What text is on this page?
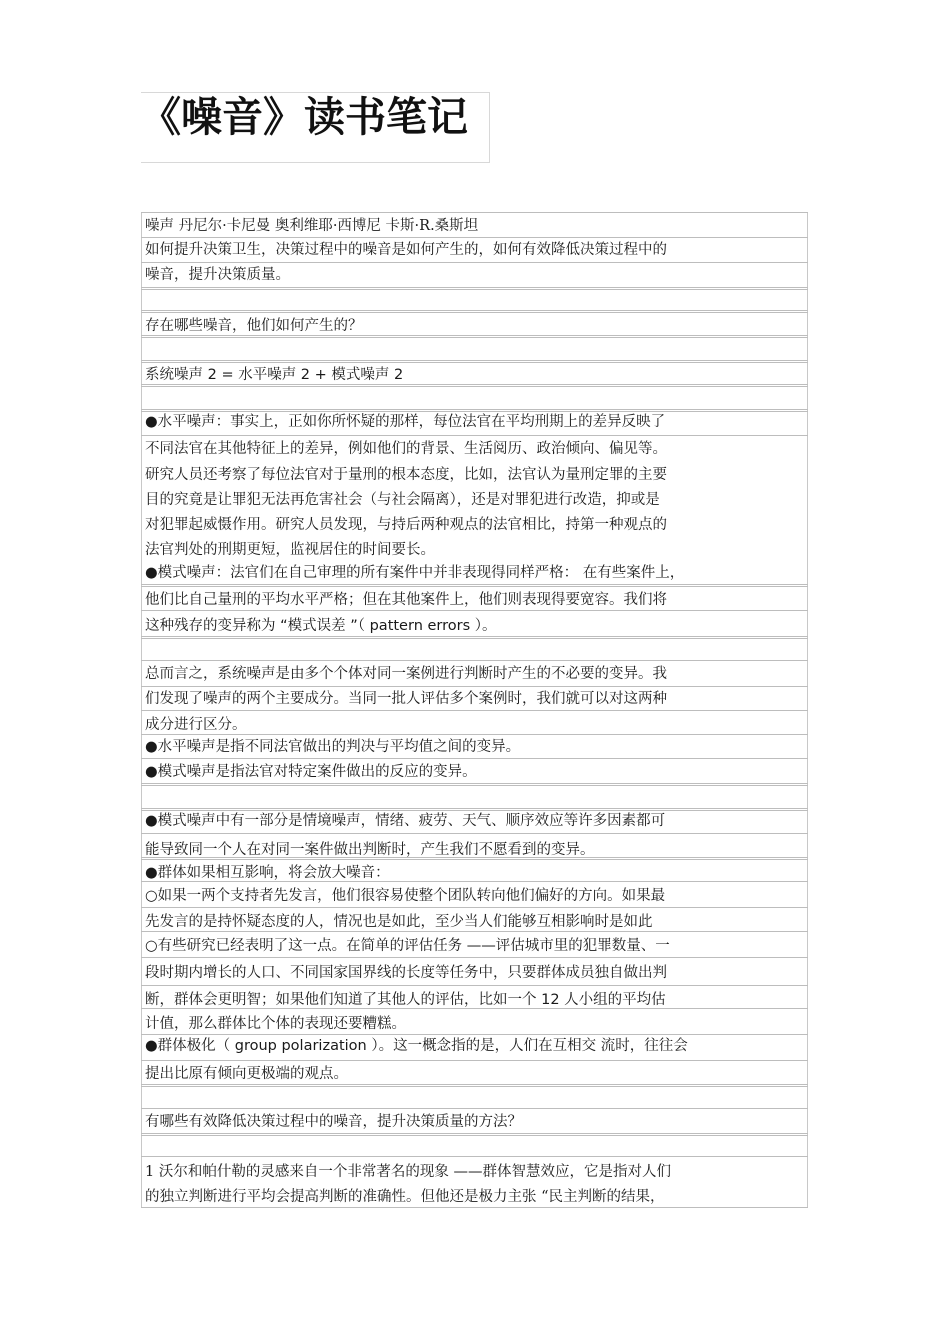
《噪音》读书笔记
噪声 丹尼尔·卡尼曼 奥利维耶·西博尼 卡斯·R.桑斯坦
如何提升决策卫生，决策过程中的噪音是如何产生的，如何有效降低决策过程中的
噪音，提升决策质量。
存在哪些噪音，他们如何产生的？
系统噪声 2 = 水平噪声 2 + 模式噪声 2
●水平噪声：事实上，正如你所怀疑的那样，每位法官在平均刑期上的差异反映了
不同法官在其他特征上的差异，例如他们的背景、生活阅历、政治倾向、偏见等。
研究人员还考察了每位法官对于量刑的根本态度，比如，法官认为量刑定罪的主要
目的究竟是让罪犯无法再危害社会（与社会隔离），还是对罪犯进行改造，抑或是
对犯罪起威慑作用。研究人员发现，与持后两种观点的法官相比，持第一种观点的
法官判处的刑期更短，监视居住的时间要长。
●模式噪声：法官们在自己审理的所有案件中并非表现得同样严格： 在有些案件上，
他们比自己量刑的平均水平严格；但在其他案件上，他们则表现得要宽容。我们将
这种残存的变异称为 “模式误差 ”（ pattern errors ）。
总而言之，系统噪声是由多个个体对同一案例进行判断时产生的不必要的变异。我
们发现了噪声的两个主要成分。当同一批人评估多个案例时，我们就可以对这两种
成分进行区分。
●水平噪声是指不同法官做出的判决与平均值之间的变异。
●模式噪声是指法官对特定案件做出的反应的变异。
●模式噪声中有一部分是情境噪声，情绪、疲劳、天气、顺序效应等许多因素都可
能导致同一个人在对同一案件做出判断时，产生我们不愿看到的变异。
●群体如果相互影响，将会放大噪音：
○如果一两个支持者先发言，他们很容易使整个团队转向他们偏好的方向。如果最
先发言的是持怀疑态度的人，情况也是如此，至少当人们能够互相影响时是如此
○有些研究已经表明了这一点。在简单的评估任务 ——评估城市里的犯罪数量、一
段时期内增长的人口、不同国家国界线的长度等任务中，只要群体成员独自做出判
断，群体会更明智；如果他们知道了其他人的评估，比如一个 12 人小组的平均估
计值，那么群体比个体的表现还要糟糕。
●群体极化（ group polarization ）。这一概念指的是，人们在互相交 流时，往往会
提出比原有倾向更极端的观点。
有哪些有效降低决策过程中的噪音，提升决策质量的方法？
1 沃尔和帕什勒的灵感来自一个非常著名的现象 ——群体智慧效应，它是指对人们
的独立判断进行平均会提高判断的准确性。但他还是极力主张 “民主判断的结果，
